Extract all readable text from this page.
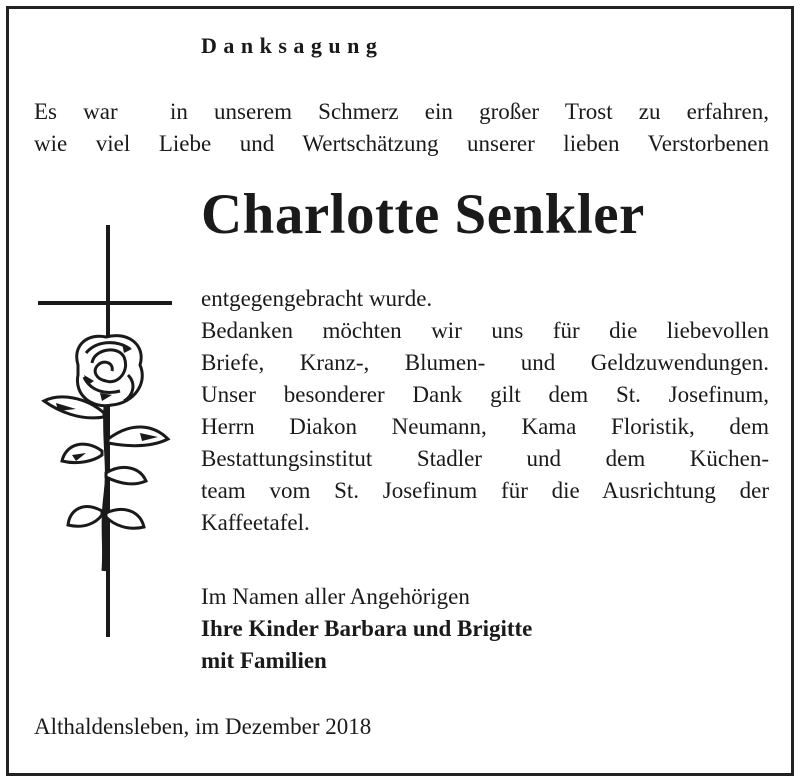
Danksagung

Es war  in unserem Schmerz ein großer Trost zu erfahren,

wie viel Liebe und Wertschätzung unserer lieben Verstorbenen

Charlotte Senkler

entgegengebracht wurde.

Bedanken möchten wir uns für die liebevollen

Briefe, Kranz-, Blumen- und Geldzuwendungen.

Unser besonderer Dank gilt dem St. Josefinum,

Herrn Diakon Neumann, Kama Floristik, dem

Bestattungsinstitut Stadler und dem Küchen-

team vom St. Josefinum für die Ausrichtung der

Kaffeetafel.

Im Namen aller Angehörigen

Ihre Kinder Barbara und Brigitte

mit Familien

Althaldensleben, im Dezember 2018
